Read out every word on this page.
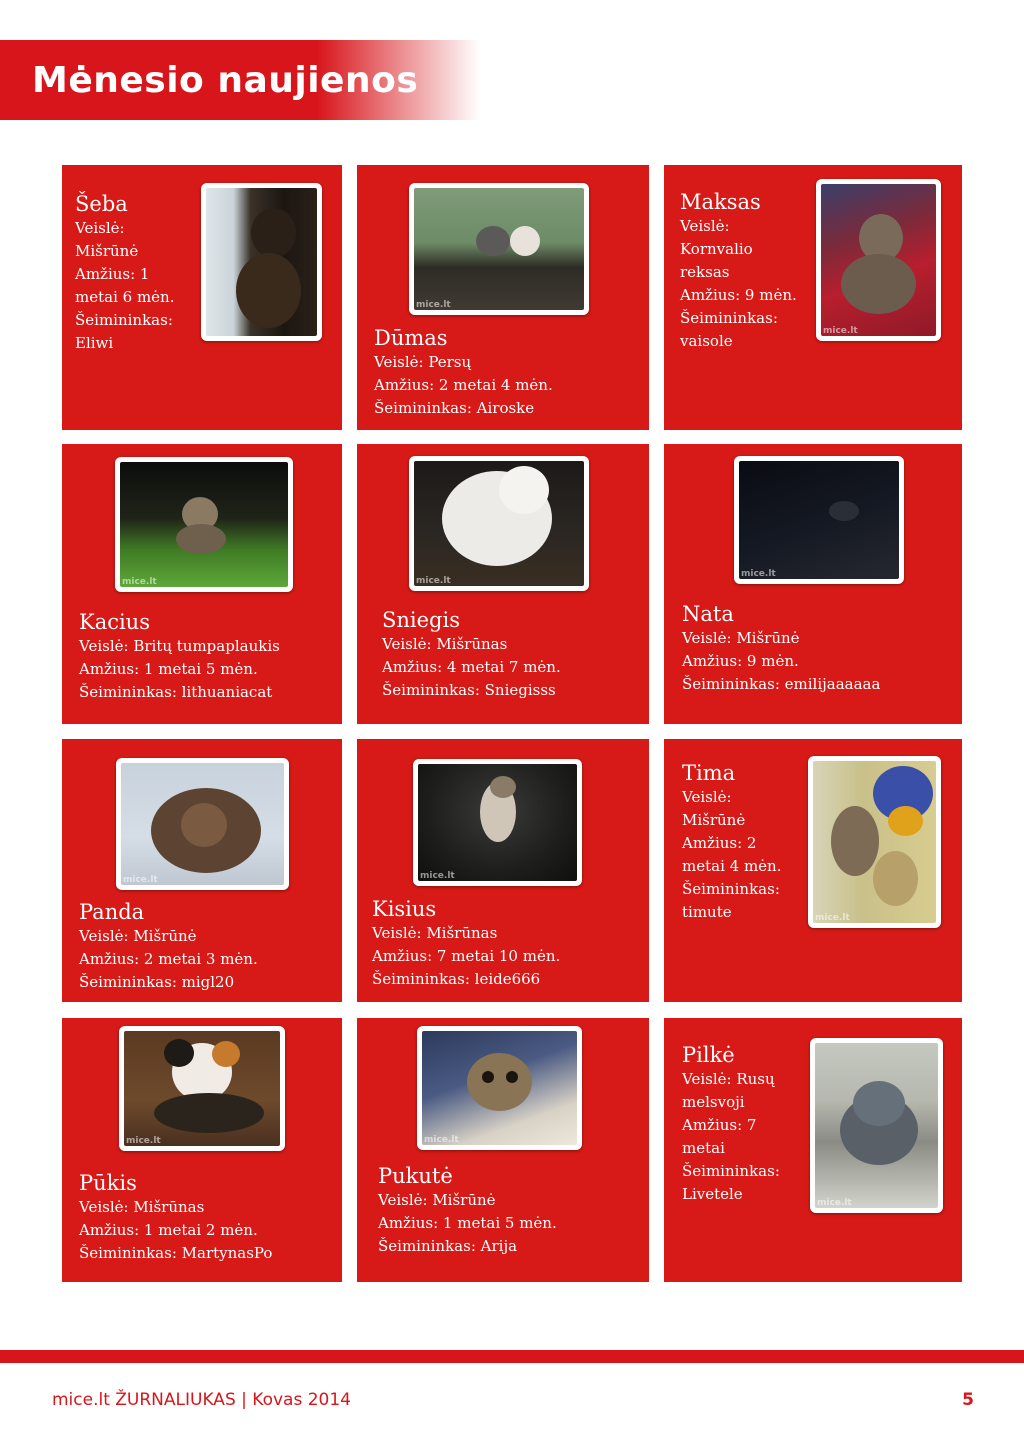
Mėnesio naujienos
Šeba
Veislė:
Mišrūnė
Amžius: 1
metai 6 mėn.
Šeimininkas:
Eliwi
mice.lt
Dūmas
Veislė: Persų
Amžius: 2 metai 4 mėn.
Šeimininkas: Airoske
mice.lt
Maksas
Veislė:
Kornvalio
reksas
Amžius: 9 mėn.
Šeimininkas:
vaisole
mice.lt
Kacius
Veislė: Britų tumpaplaukis
Amžius: 1 metai 5 mėn.
Šeimininkas: lithuaniacat
mice.lt
Sniegis
Veislė: Mišrūnas
Amžius: 4 metai 7 mėn.
Šeimininkas: Sniegisss
mice.lt
Nata
Veislė: Mišrūnė
Amžius: 9 mėn.
Šeimininkas: emilijaaaaaa
mice.lt
Panda
Veislė: Mišrūnė
Amžius: 2 metai 3 mėn.
Šeimininkas: migl20
mice.lt
Kisius
Veislė: Mišrūnas
Amžius: 7 metai 10 mėn.
Šeimininkas: leide666
mice.lt
Tima
Veislė:
Mišrūnė
Amžius: 2
metai 4 mėn.
Šeimininkas:
timute
mice.lt
Pūkis
Veislė: Mišrūnas
Amžius: 1 metai 2 mėn.
Šeimininkas: MartynasPo
mice.lt
Pukutė
Veislė: Mišrūnė
Amžius: 1 metai 5 mėn.
Šeimininkas: Arija
mice.lt
Pilkė
Veislė: Rusų
melsvoji
Amžius: 7
metai
Šeimininkas:
Livetele
mice.lt ŽURNALIUKAS | Kovas 2014	5
